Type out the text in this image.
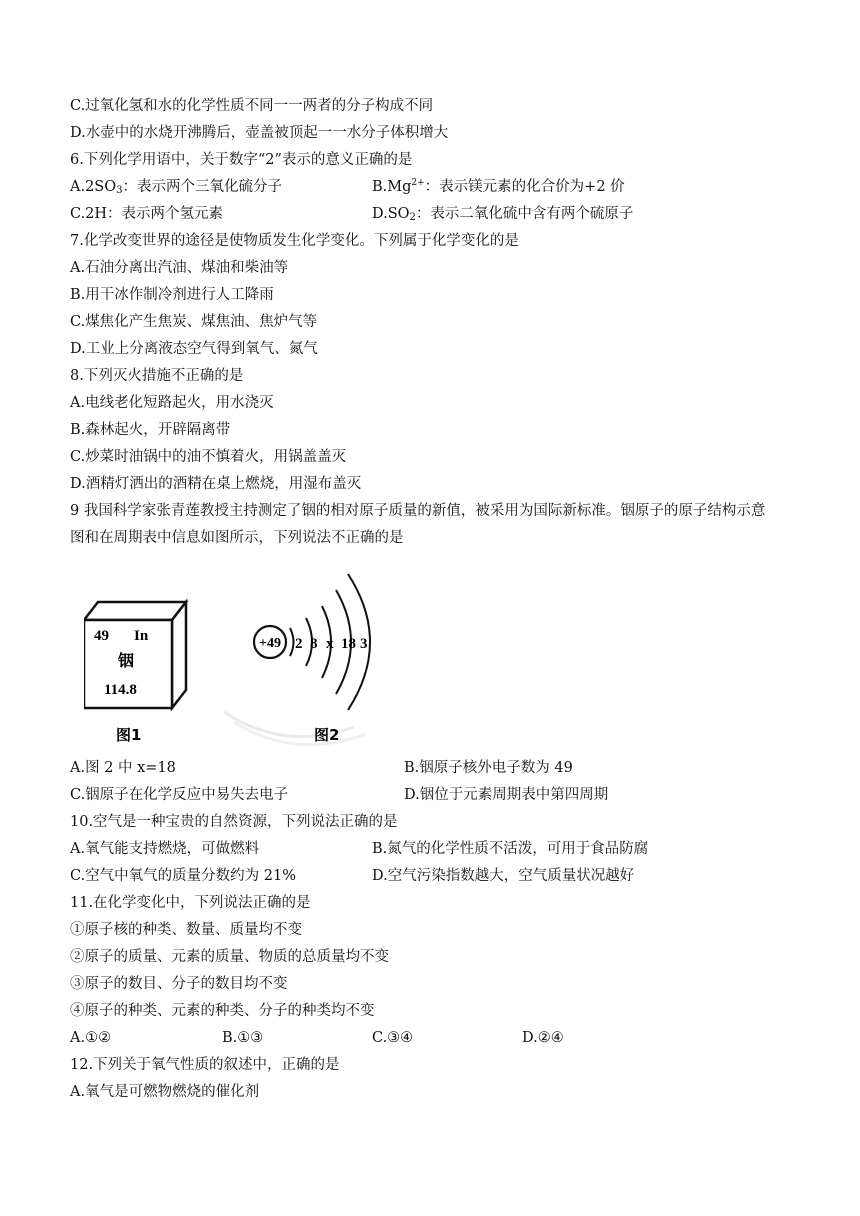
C.过氧化氢和水的化学性质不同一一两者的分子构成不同
D.水壶中的水烧开沸腾后，壶盖被顶起一一水分子体积增大
6.下列化学用语中，关于数字“2”表示的意义正确的是
$A.2SO_3$：表示两个三氧化硫分子	$B.Mg^{2+}$：表示镁元素的化合价为+2 价
C.2H：表示两个氢元素	$D.SO_2$：表示二氧化硫中含有两个硫原子
7.化学改变世界的途径是使物质发生化学变化。下列属于化学变化的是
A.石油分离出汽油、煤油和柴油等
B.用干冰作制冷剂进行人工降雨
C.煤焦化产生焦炭、煤焦油、焦炉气等
D.工业上分离液态空气得到氧气、氮气
8.下列灭火措施不正确的是
A.电线老化短路起火，用水浇灭
B.森林起火，开辟隔离带
C.炒菜时油锅中的油不慎着火，用锅盖盖灭
D.酒精灯洒出的酒精在桌上燃烧，用湿布盖灭
9 我国科学家张青莲教授主持测定了铟的相对原子质量的新值，被采用为国际新标准。铟原子的原子结构示意
图和在周期表中信息如图所示，下列说法不正确的是
49 In
铟
114.8
图1
+49 2 8 x 18 3
图2
A.图 2 中 x=18	B.铟原子核外电子数为 49
C.铟原子在化学反应中易失去电子	D.铟位于元素周期表中第四周期
10.空气是一种宝贵的自然资源，下列说法正确的是
A.氧气能支持燃烧，可做燃料	B.氮气的化学性质不活泼，可用于食品防腐
C.空气中氧气的质量分数约为 21%	D.空气污染指数越大，空气质量状况越好
11.在化学变化中，下列说法正确的是
①原子核的种类、数量、质量均不变
②原子的质量、元素的质量、物质的总质量均不变
③原子的数目、分子的数目均不变
④原子的种类、元素的种类、分子的种类均不变
A.①②	B.①③	C.③④	D.②④
12.下列关于氧气性质的叙述中，正确的是
A.氧气是可燃物燃烧的催化剂
